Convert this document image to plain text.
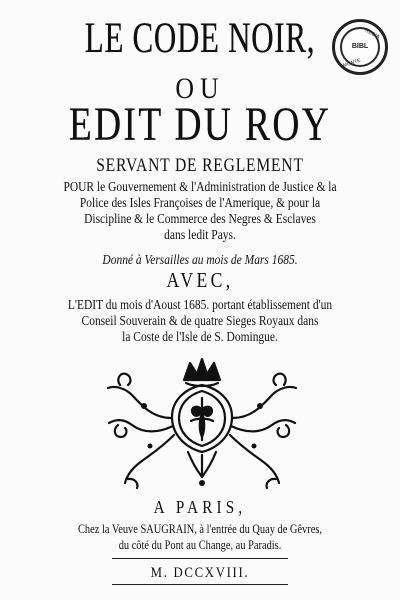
REGIA
BIBL
MONTE
LE CODE NOIR,
OU
EDIT DU ROY
SERVANT DE REGLEMENT
POUR le Gouvernement & l'Administration de Justice & la
Police des Isles Françoises de l'Amerique, & pour la
Discipline & le Commerce des Negres & Esclaves
dans ledit Pays.
Donné à Versailles au mois de Mars 1685.
AVEC,
L'EDIT du mois d'Aoust 1685. portant établissement d'un
Conseil Souverain & de quatre Sieges Royaux dans
la Coste de l'Isle de S. Domingue.
A PARIS,
Chez la Veuve SAUGRAIN, à l'entrée du Quay de Gêvres,
du côté du Pont au Change, au Paradis.
M. DCCXVIII.
